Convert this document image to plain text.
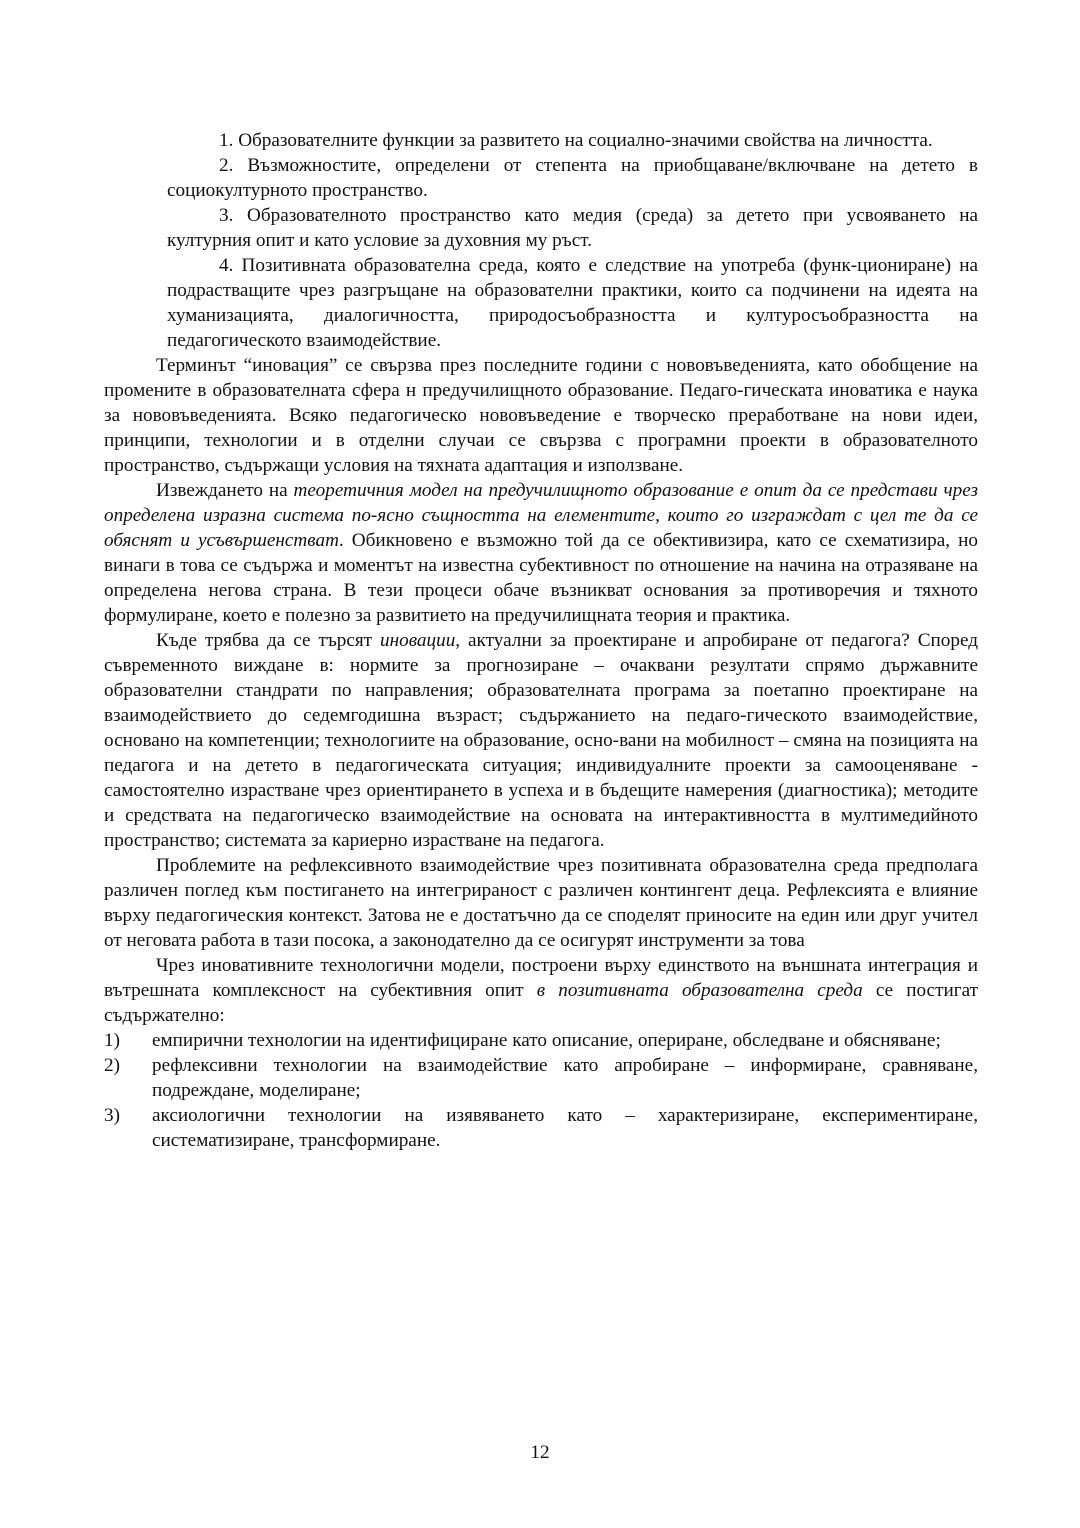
1. Образователните функции за развитето на социално-значими свойства на личността.

2. Възможностите, определени от степента на приобщаване/включване на детето в социокултурното пространство.

3. Образователното пространство като медия (среда) за детето при усвояването на културния опит и като условие за духовния му ръст.

4. Позитивната образователна среда, която е следствие на употреба (функ-циониране) на подрастващите чрез разгръщане на образователни практики, които са подчинени на идеята на хуманизацията, диалогичността, природосъобразността и културосъобразността на педагогическото взаимодействие.

Терминът “иновация” се свързва през последните години с нововъведенията, като обобщение на промените в образователната сфера н предучилищното образование. Педаго-гическата иноватика е наука за нововъведенията. Всяко педагогическо нововъведение е творческо преработване на нови идеи, принципи, технологии и в отделни случаи се свързва с програмни проекти в образователното пространство, съдържащи условия на тяхната адаптация и използване.

Извеждането на теоретичния модел на предучилищното образование е опит да се представи чрез определена изразна система по-ясно същността на елементите, които го изграждат с цел те да се обяснят и усъвършенстват. Обикновено е възможно той да се обективизира, като се схематизира, но винаги в това се съдържа и моментът на известна субективност по отношение на начина на отразяване на определена негова страна. В тези процеси обаче възникват основания за противоречия и тяхното формулиране, което е полезно за развитието на предучилищната теория и практика.

Къде трябва да се търсят иновации, актуални за проектиране и апробиране от педагога? Според съвременното виждане в: нормите за прогнозиране – очаквани резултати спрямо държавните образователни стандрати по направления; образователната програма за поетапно проектиране на взаимодействието до седемгодишна възраст; съдържанието на педаго-гическото взаимодействие, основано на компетенции; технологиите на образование, осно-вани на мобилност – смяна на позицията на педагога и на детето в педагогическата ситуация; индивидуалните проекти за самооценяване - самостоятелно израстване чрез ориентирането в успеха и в бъдещите намерения (диагностика); методите и средствата на педагогическо взаимодействие на основата на интерактивността в мултимедийното пространство; системата за кариерно израстване на педагога.

Проблемите на рефлексивното взаимодействие чрез позитивната образователна среда предполага различен поглед към постигането на интегрираност с различен контингент деца. Рефлексията е влияние върху педагогическия контекст. Затова не е достатъчно да се споделят приносите на един или друг учител от неговата работа в тази посока, а законодателно да се осигурят инструменти за това

Чрез иновативните технологични модели, построени върху единството на външната интеграция и вътрешната комплексност на субективния опит в позитивната образователна среда се постигат съдържателно:

1)	емпирични технологии на идентифициране като описание, опериране, обследване и обясняване;
2)	рефлексивни технологии на взаимодействие като апробиране – информиране, сравняване, подреждане, моделиране;
3)	аксиологични технологии на изявяването като – характеризиране, експериментиране, систематизиране, трансформиране.
12
